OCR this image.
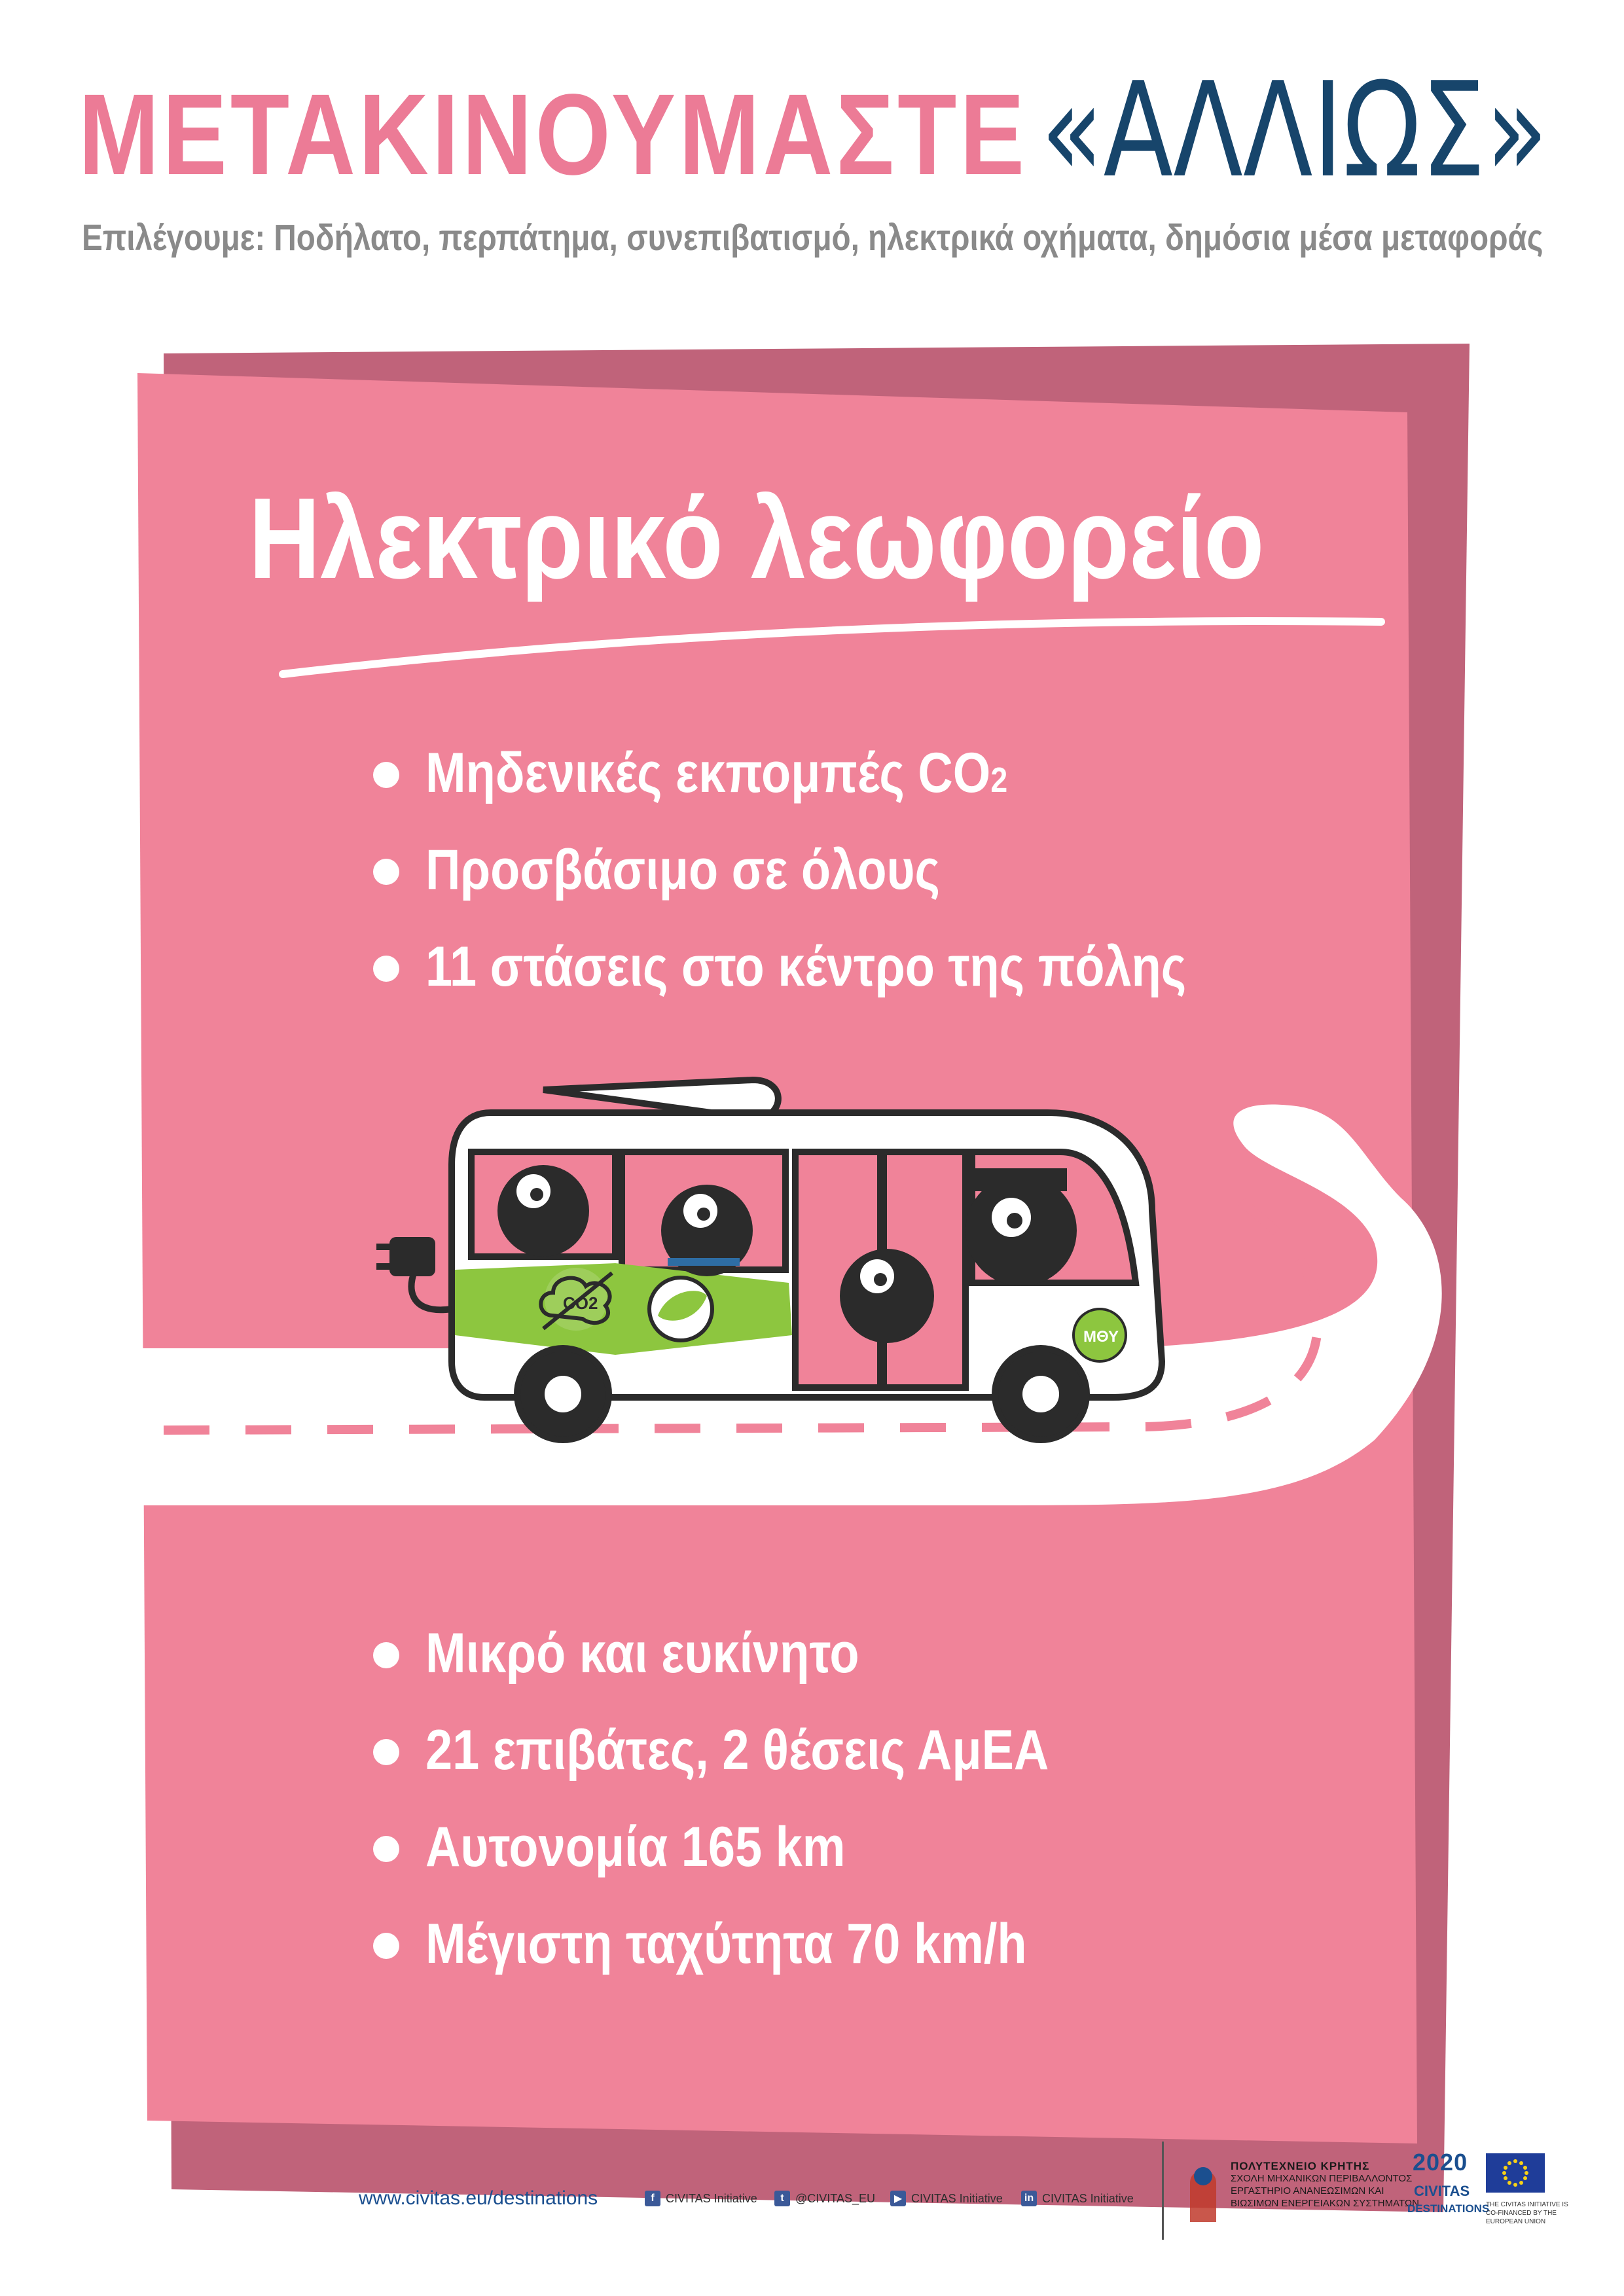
ΜΕΤΑΚΙΝΟΥΜΑΣΤΕ «ΑΛΛΙΩΣ»
Επιλέγουμε: Ποδήλατο, περπάτημα, συνεπιβατισμό, ηλεκτρικά οχήματα, δημόσια μέσα μεταφοράς
CO2
ΜΘΥ
Ηλεκτρικό λεωφορείο
Μηδενικές εκπομπές CO2
Προσβάσιμο σε όλους
11 στάσεις στο κέντρο της πόλης
Μικρό και ευκίνητο
21 επιβάτες, 2 θέσεις ΑμΕΑ
Αυτονομία 165 km
Μέγιστη ταχύτητα 70 km/h
www.civitas.eu/destinations	f CIVITAS Initiative	t @CIVITAS_EU	▶ CIVITAS Initiative	in CIVITAS Initiative
ΠΟΛΥΤΕΧΝΕΙΟ ΚΡΗΤΗΣ
ΣΧΟΛΗ ΜΗΧΑΝΙΚΩΝ ΠΕΡΙΒΑΛΛΟΝΤΟΣ
ΕΡΓΑΣΤΗΡΙΟ ΑΝΑΝΕΩΣΙΜΩΝ ΚΑΙ
ΒΙΩΣΙΜΩΝ ΕΝΕΡΓΕΙΑΚΩΝ ΣΥΣΤΗΜΑΤΩΝ
2020
CIVITAS
DESTINATIONS
THE CIVITAS INITIATIVE IS CO-FINANCED BY THE EUROPEAN UNION
